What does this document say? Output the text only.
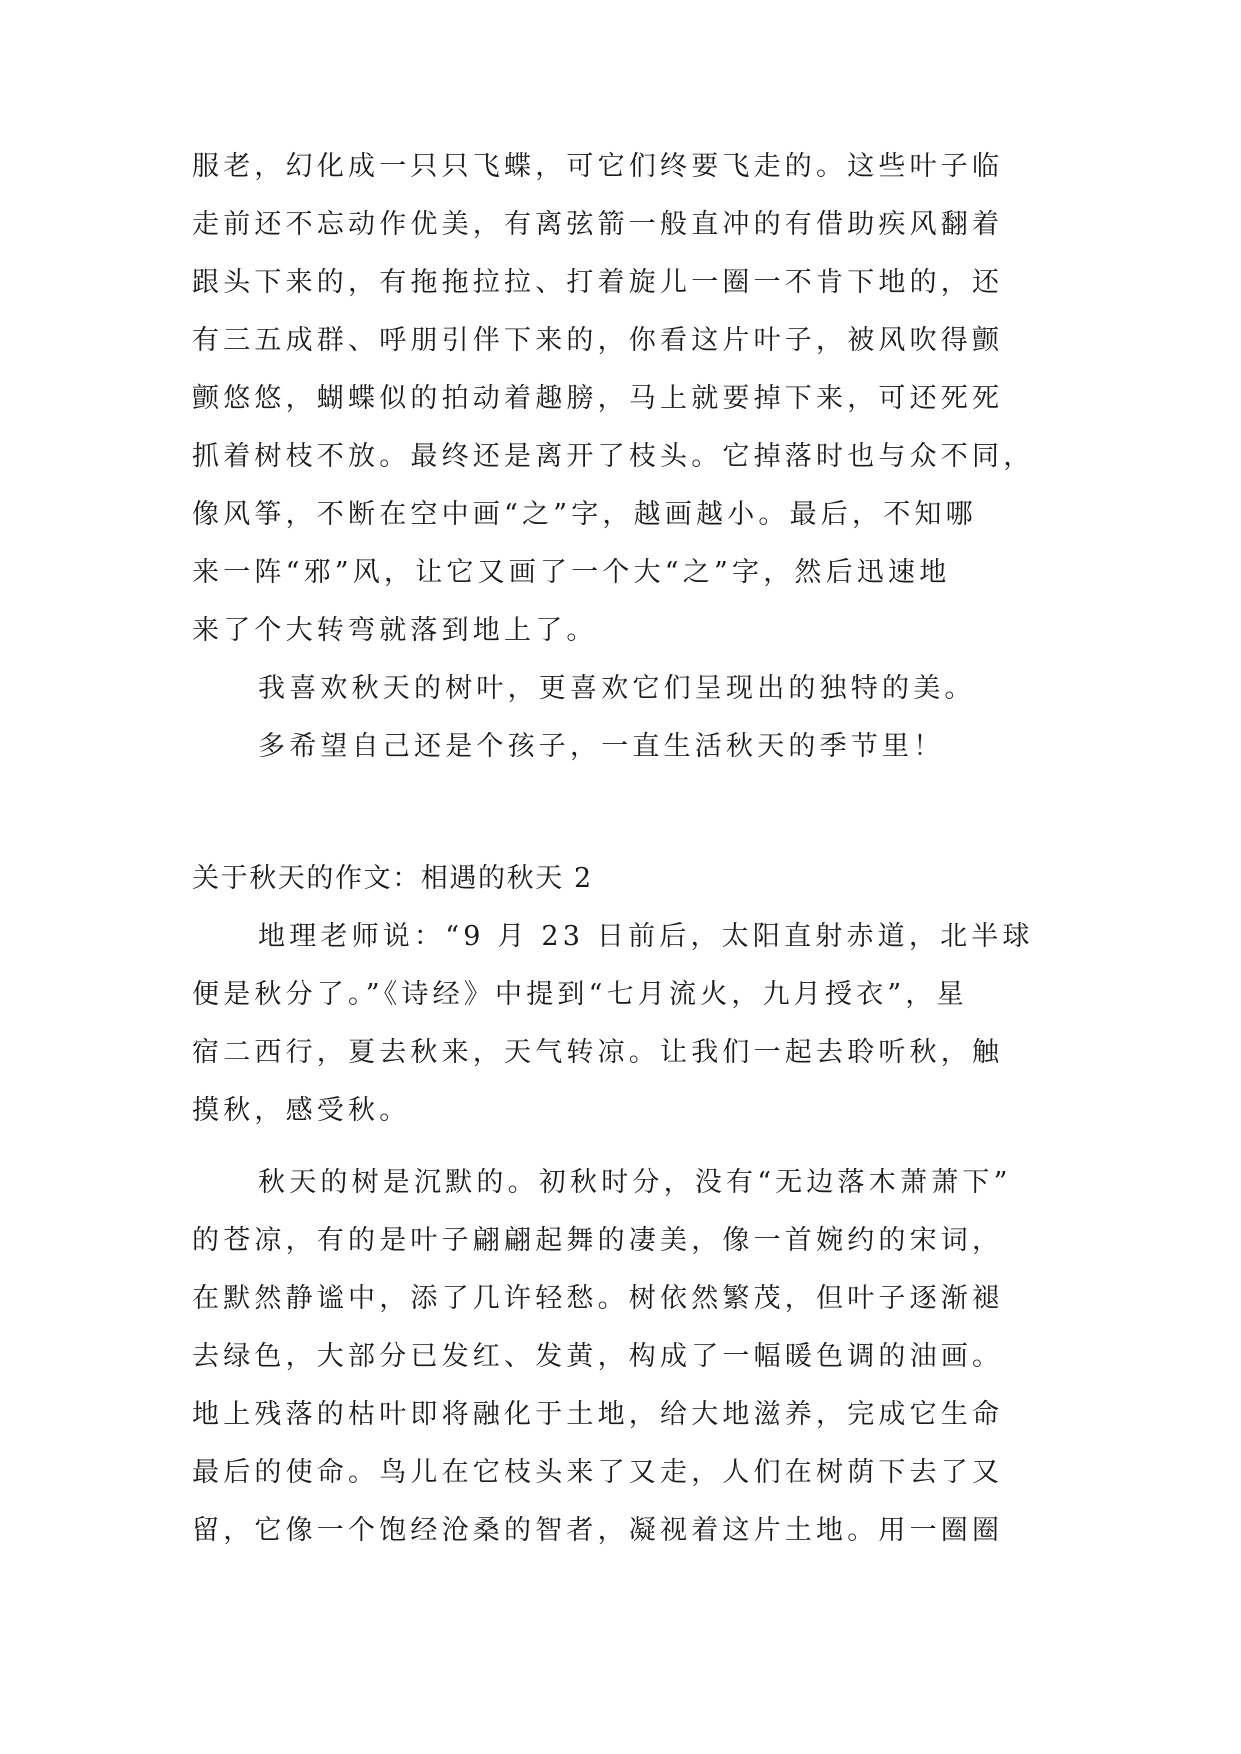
服老，幻化成一只只飞蝶，可它们终要飞走的。这些叶子临
走前还不忘动作优美，有离弦箭一般直冲的有借助疾风翻着
跟头下来的，有拖拖拉拉、打着旋儿一圈一不肯下地的，还
有三五成群、呼朋引伴下来的，你看这片叶子，被风吹得颤
颤悠悠，蝴蝶似的拍动着趣膀，马上就要掉下来，可还死死
抓着树枝不放。最终还是离开了枝头。它掉落时也与众不同，
像风筝，不断在空中画“之”字，越画越小。最后，不知哪
来一阵“邪”风，让它又画了一个大“之”字，然后迅速地
来了个大转弯就落到地上了。
我喜欢秋天的树叶，更喜欢它们呈现出的独特的美。
多希望自己还是个孩子，一直生活秋天的季节里！
关于秋天的作文：相遇的秋天 2
地理老师说：“9 月 23 日前后，太阳直射赤道，北半球
便是秋分了。”《诗经》中提到“七月流火，九月授衣”，星
宿二西行，夏去秋来，天气转凉。让我们一起去聆听秋，触
摸秋，感受秋。
秋天的树是沉默的。初秋时分，没有“无边落木萧萧下”
的苍凉，有的是叶子翩翩起舞的凄美，像一首婉约的宋词，
在默然静谧中，添了几许轻愁。树依然繁茂，但叶子逐渐褪
去绿色，大部分已发红、发黄，构成了一幅暖色调的油画。
地上残落的枯叶即将融化于土地，给大地滋养，完成它生命
最后的使命。鸟儿在它枝头来了又走，人们在树荫下去了又
留，它像一个饱经沧桑的智者，凝视着这片土地。用一圈圈
